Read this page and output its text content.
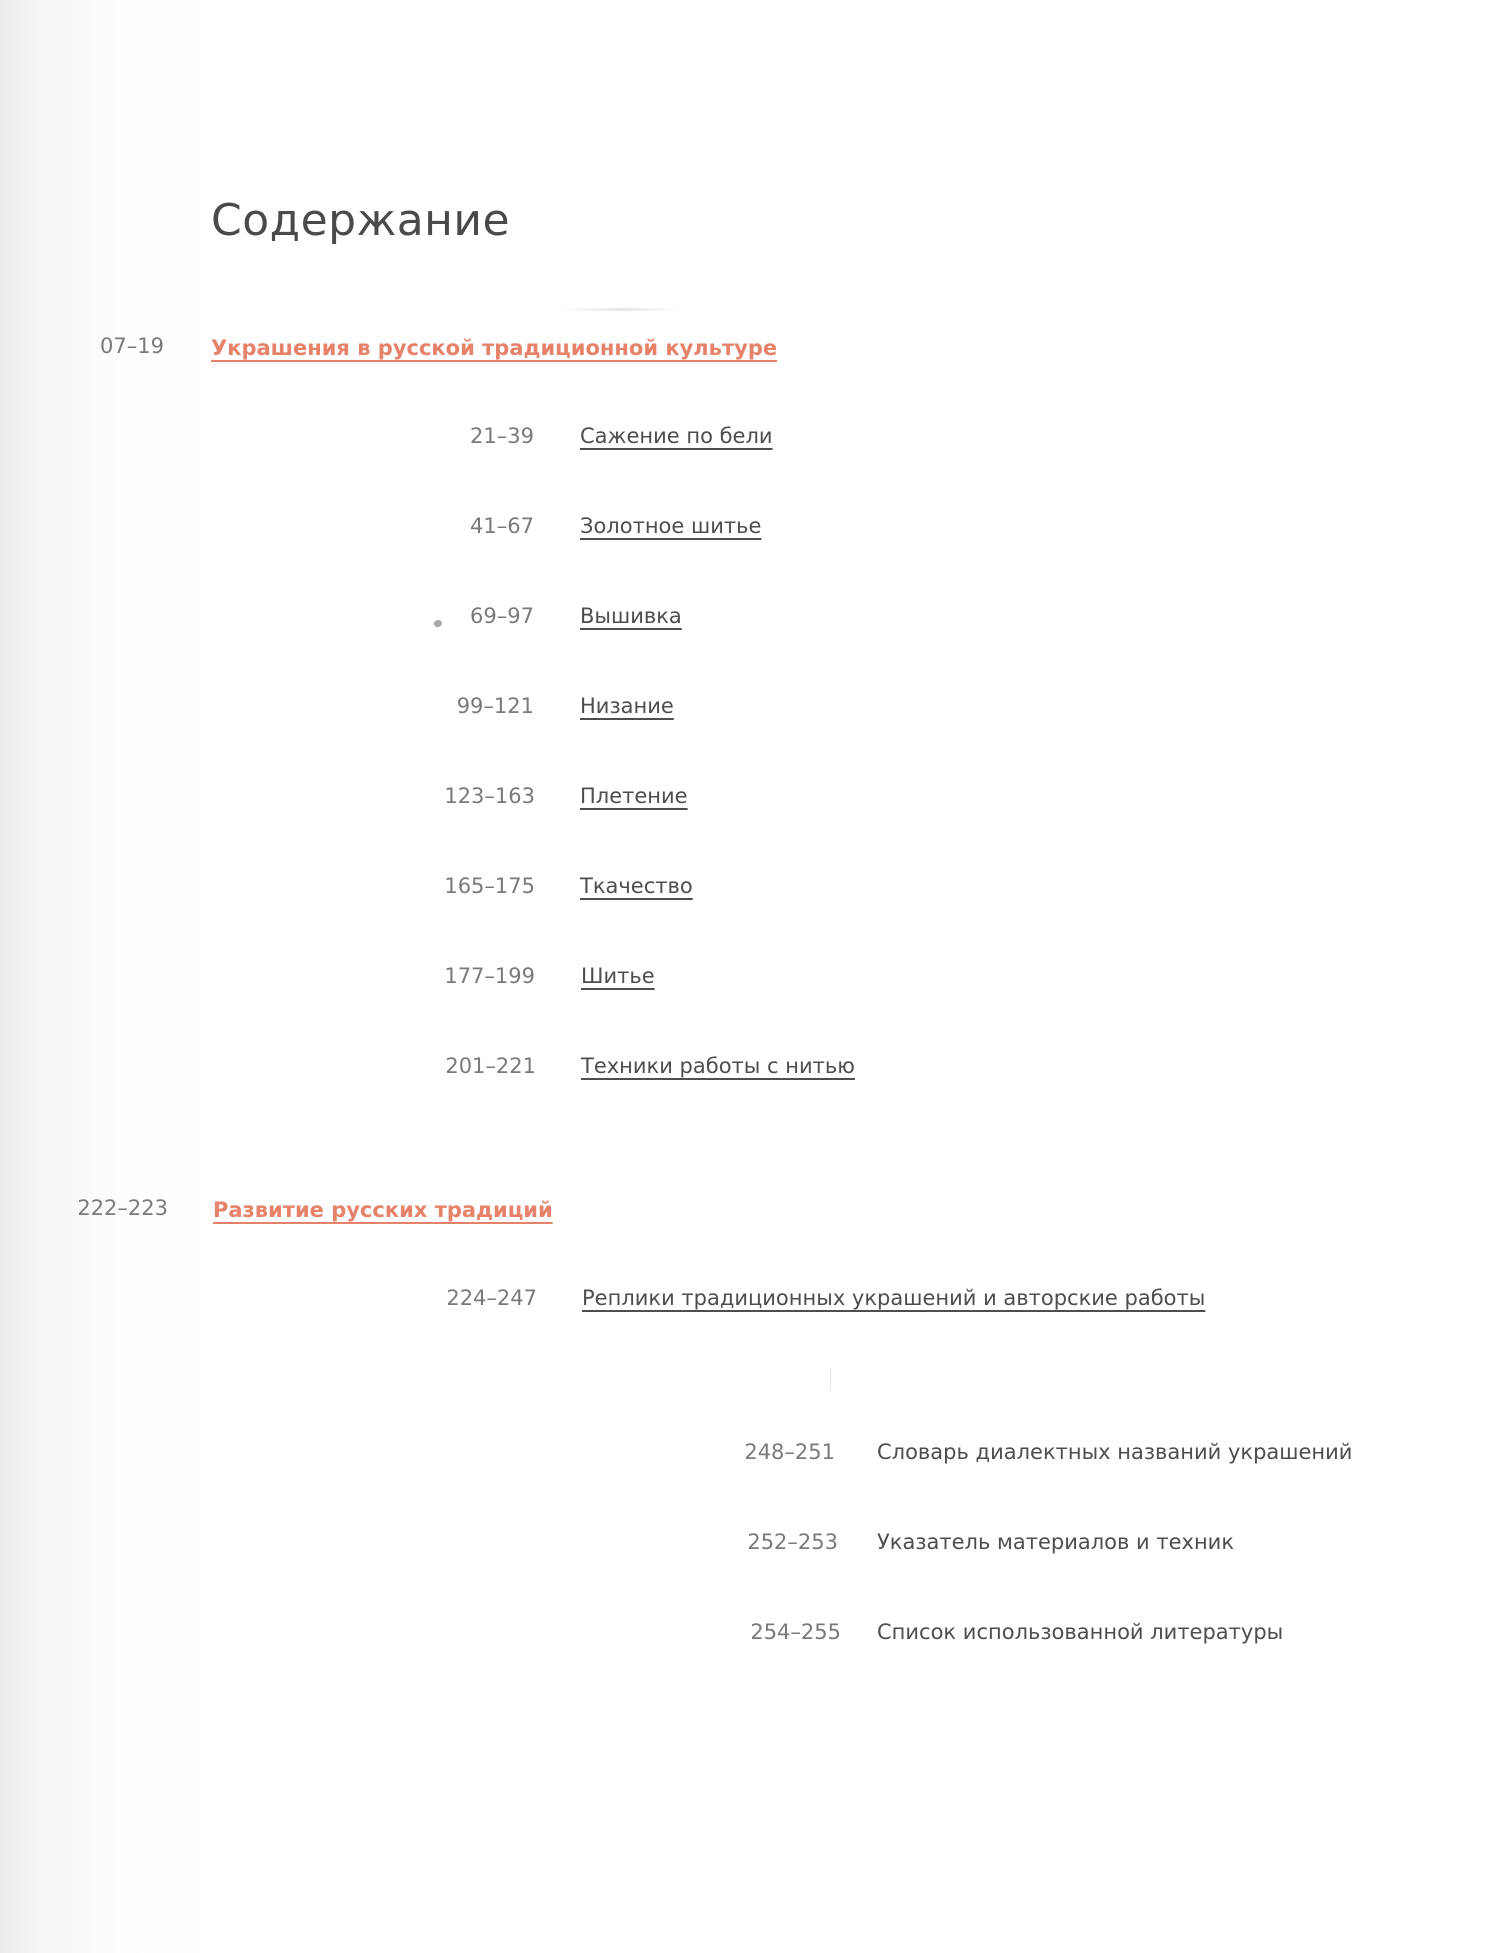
Содержание
07–19 Украшения в русской традиционной культуре
21–39 Сажение по бели
41–67 Золотное шитье
69–97 Вышивка
99–121 Низание
123–163 Плетение
165–175 Ткачество
177–199 Шитье
201–221 Техники работы с нитью
222–223 Развитие русских традиций
224–247 Реплики традиционных украшений и авторские работы
248–251 Словарь диалектных названий украшений
252–253 Указатель материалов и техник
254–255 Список использованной литературы
